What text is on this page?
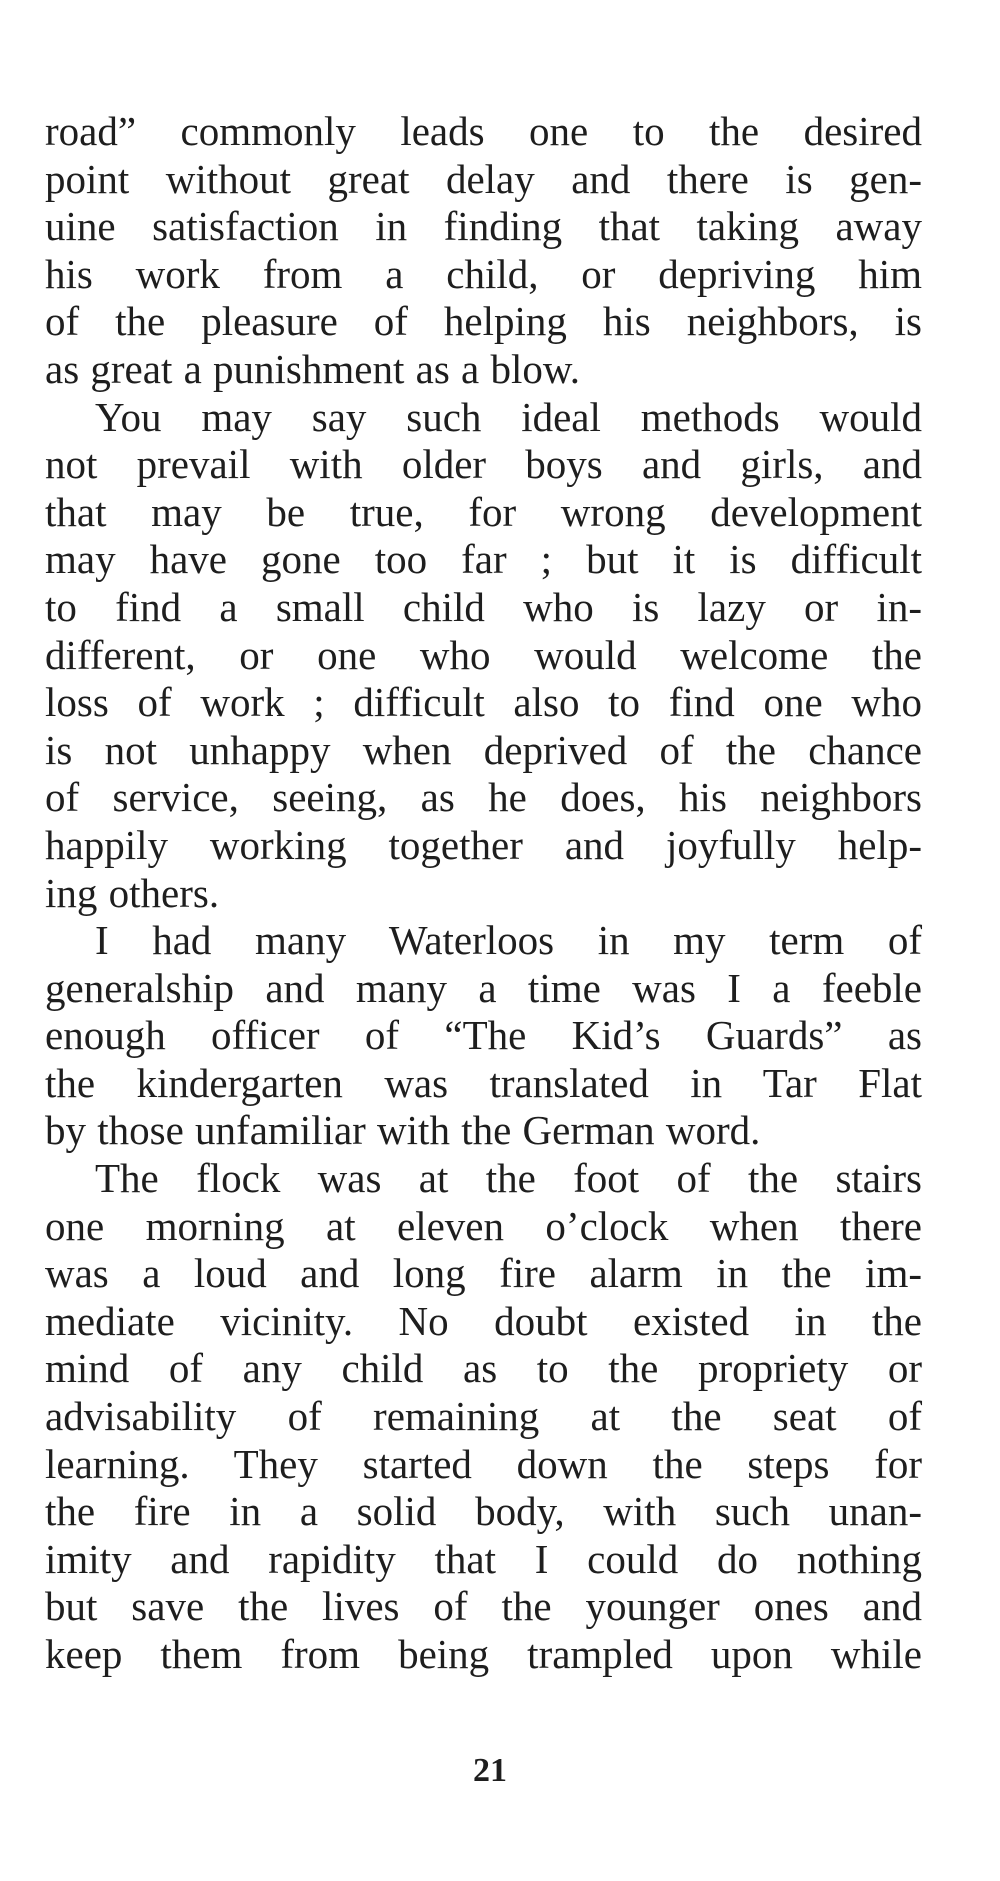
road” commonly leads one to the desired
point without great delay and there is gen-
uine satisfaction in finding that taking away
his work from a child, or depriving him
of the pleasure of helping his neighbors, is
as great a punishment as a blow.
You may say such ideal methods would
not prevail with older boys and girls, and
that may be true, for wrong development
may have gone too far ; but it is difficult
to find a small child who is lazy or in-
different, or one who would welcome the
loss of work ; difficult also to find one who
is not unhappy when deprived of the chance
of service, seeing, as he does, his neighbors
happily working together and joyfully help-
ing others.
I had many Waterloos in my term of
generalship and many a time was I a feeble
enough officer of “The Kid’s Guards” as
the kindergarten was translated in Tar Flat
by those unfamiliar with the German word.
The flock was at the foot of the stairs
one morning at eleven o’clock when there
was a loud and long fire alarm in the im-
mediate vicinity. No doubt existed in the
mind of any child as to the propriety or
advisability of remaining at the seat of
learning. They started down the steps for
the fire in a solid body, with such unan-
imity and rapidity that I could do nothing
but save the lives of the younger ones and
keep them from being trampled upon while
21
